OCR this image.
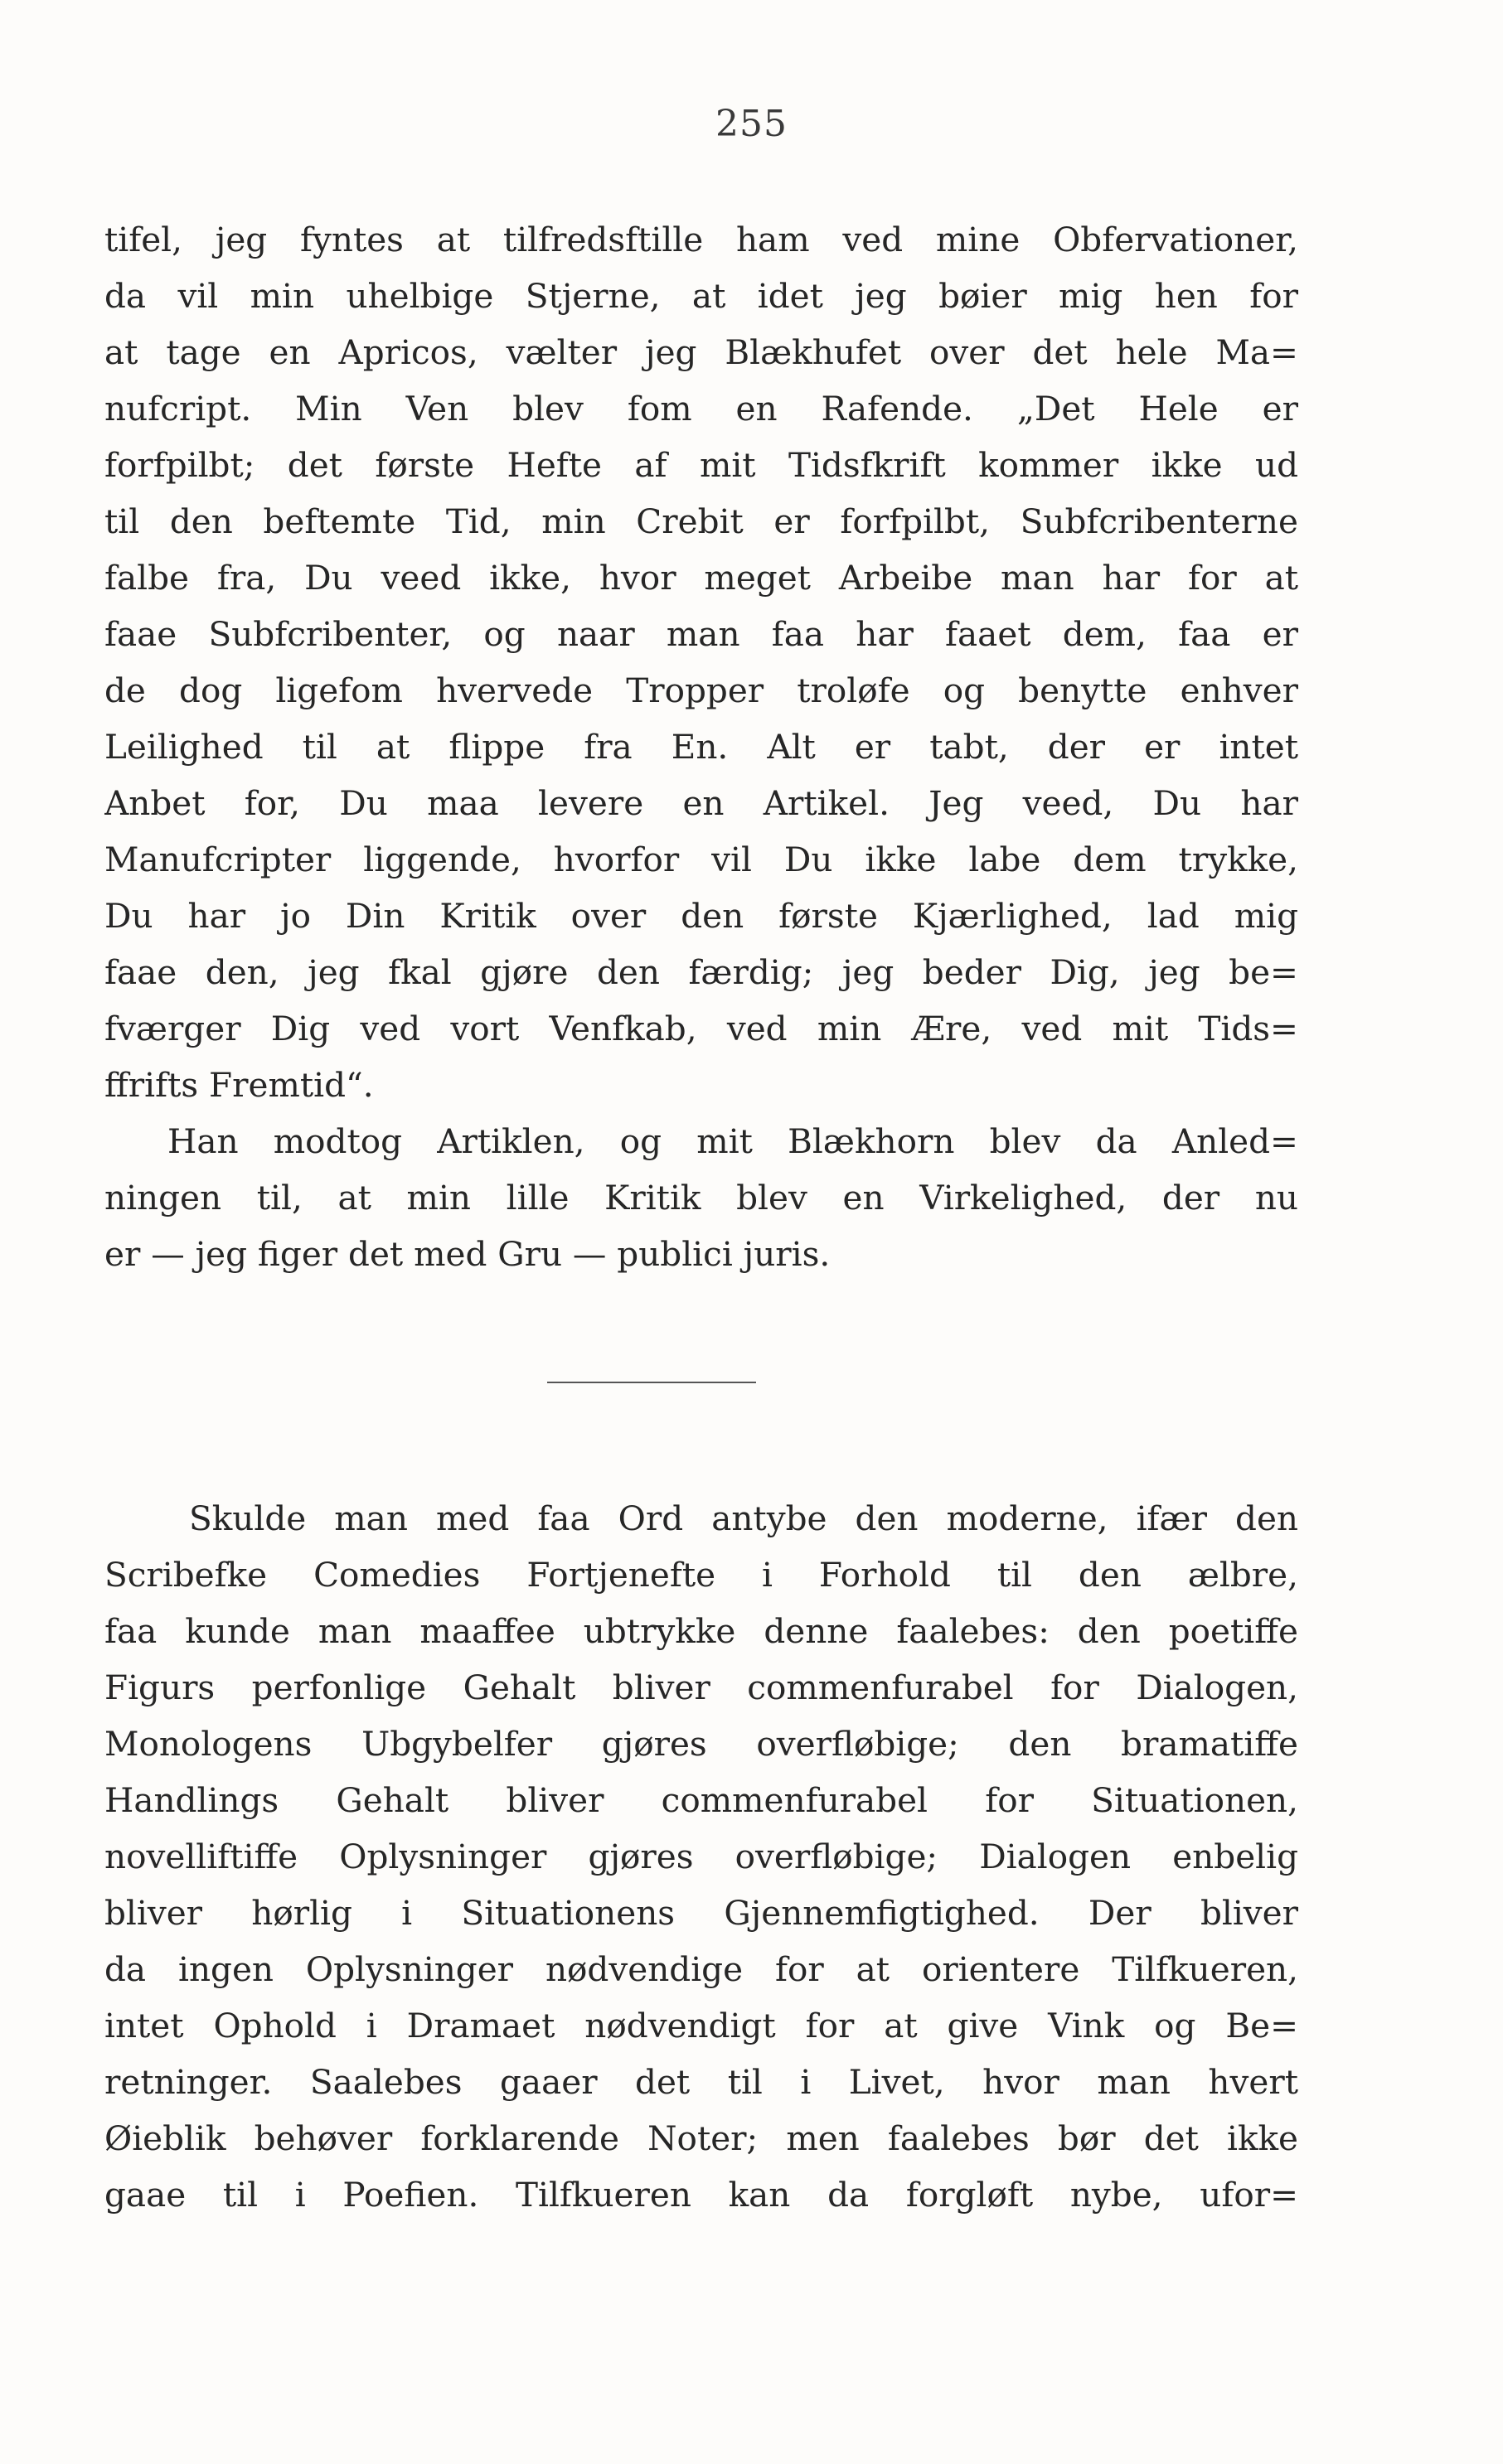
255
tifel, jeg fyntes at tilfredsftille ham ved mine Obfervationer,
da vil min uhelbige Stjerne, at idet jeg bøier mig hen for
at tage en Apricos, vælter jeg Blækhufet over det hele Ma=
nufcript. Min Ven blev fom en Rafende. „Det Hele er
forfpilbt; det første Hefte af mit Tidsfkrift kommer ikke ud
til den beftemte Tid, min Crebit er forfpilbt, Subfcribenterne
falbe fra, Du veed ikke, hvor meget Arbeibe man har for at
faae Subfcribenter, og naar man faa har faaet dem, faa er
de dog ligefom hvervede Tropper troløfe og benytte enhver
Leilighed til at flippe fra En. Alt er tabt, der er intet
Anbet for, Du maa levere en Artikel. Jeg veed, Du har
Manufcripter liggende, hvorfor vil Du ikke labe dem trykke,
Du har jo Din Kritik over den første Kjærlighed, lad mig
faae den, jeg fkal gjøre den færdig; jeg beder Dig, jeg be=
fværger Dig ved vort Venfkab, ved min Ære, ved mit Tids=
ffrifts Fremtid“.
Han modtog Artiklen, og mit Blækhorn blev da Anled=
ningen til, at min lille Kritik blev en Virkelighed, der nu
er — jeg figer det med Gru — publici juris.
Skulde man med faa Ord antybe den moderne, ifær den
Scribefke Comedies Fortjenefte i Forhold til den ælbre,
faa kunde man maaffee ubtrykke denne faalebes: den poetiffe
Figurs perfonlige Gehalt bliver commenfurabel for Dialogen,
Monologens Ubgybelfer gjøres overfløbige; den bramatiffe
Handlings Gehalt bliver commenfurabel for Situationen,
novelliftiffe Oplysninger gjøres overfløbige; Dialogen enbelig
bliver hørlig i Situationens Gjennemfigtighed. Der bliver
da ingen Oplysninger nødvendige for at orientere Tilfkueren,
intet Ophold i Dramaet nødvendigt for at give Vink og Be=
retninger. Saalebes gaaer det til i Livet, hvor man hvert
Øieblik behøver forklarende Noter; men faalebes bør det ikke
gaae til i Poefien. Tilfkueren kan da forgløft nybe, ufor=
